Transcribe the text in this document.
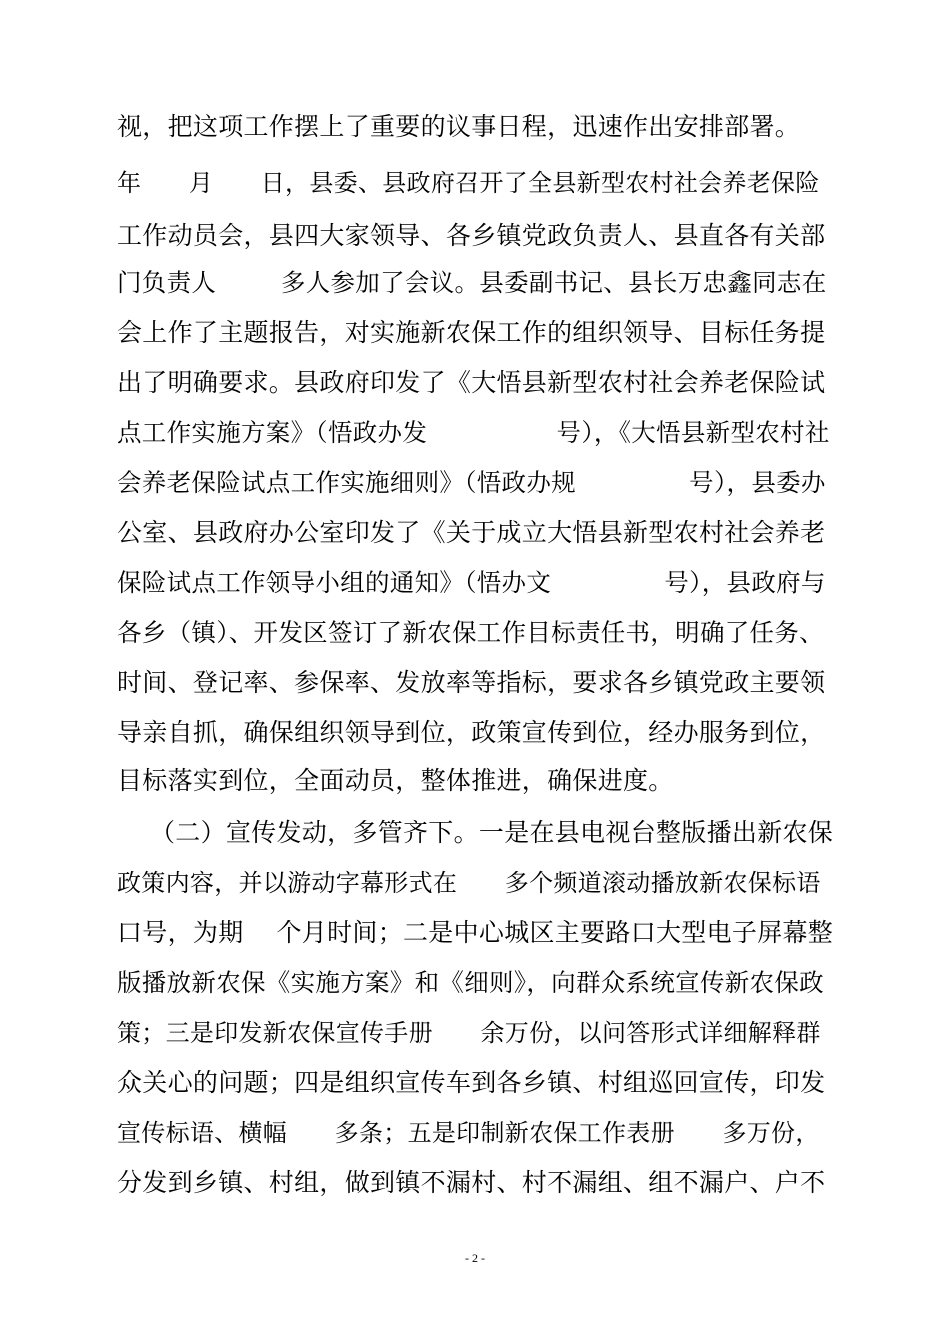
视，把这项工作摆上了重要的议事日程，迅速作出安排部署。
年      月      日，县委、县政府召开了全县新型农村社会养老保险
工作动员会，县四大家领导、各乡镇党政负责人、县直各有关部
门负责人        多人参加了会议。县委副书记、县长万忠鑫同志在
会上作了主题报告，对实施新农保工作的组织领导、目标任务提
出了明确要求。县政府印发了《大悟县新型农村社会养老保险试
点工作实施方案》（悟政办发                号），《大悟县新型农村社
会养老保险试点工作实施细则》（悟政办规              号），县委办
公室、县政府办公室印发了《关于成立大悟县新型农村社会养老
保险试点工作领导小组的通知》（悟办文              号），县政府与
各乡（镇）、开发区签订了新农保工作目标责任书，明确了任务、
时间、登记率、参保率、发放率等指标，要求各乡镇党政主要领
导亲自抓，确保组织领导到位，政策宣传到位，经办服务到位，
目标落实到位，全面动员，整体推进，确保进度。
（二）宣传发动，多管齐下。一是在县电视台整版播出新农保
政策内容，并以游动字幕形式在      多个频道滚动播放新农保标语
口号，为期    个月时间；二是中心城区主要路口大型电子屏幕整
版播放新农保《实施方案》和《细则》，向群众系统宣传新农保政
策；三是印发新农保宣传手册      余万份，以问答形式详细解释群
众关心的问题；四是组织宣传车到各乡镇、村组巡回宣传，印发
宣传标语、横幅      多条；五是印制新农保工作表册      多万份，
分发到乡镇、村组，做到镇不漏村、村不漏组、组不漏户、户不
- 2 -
